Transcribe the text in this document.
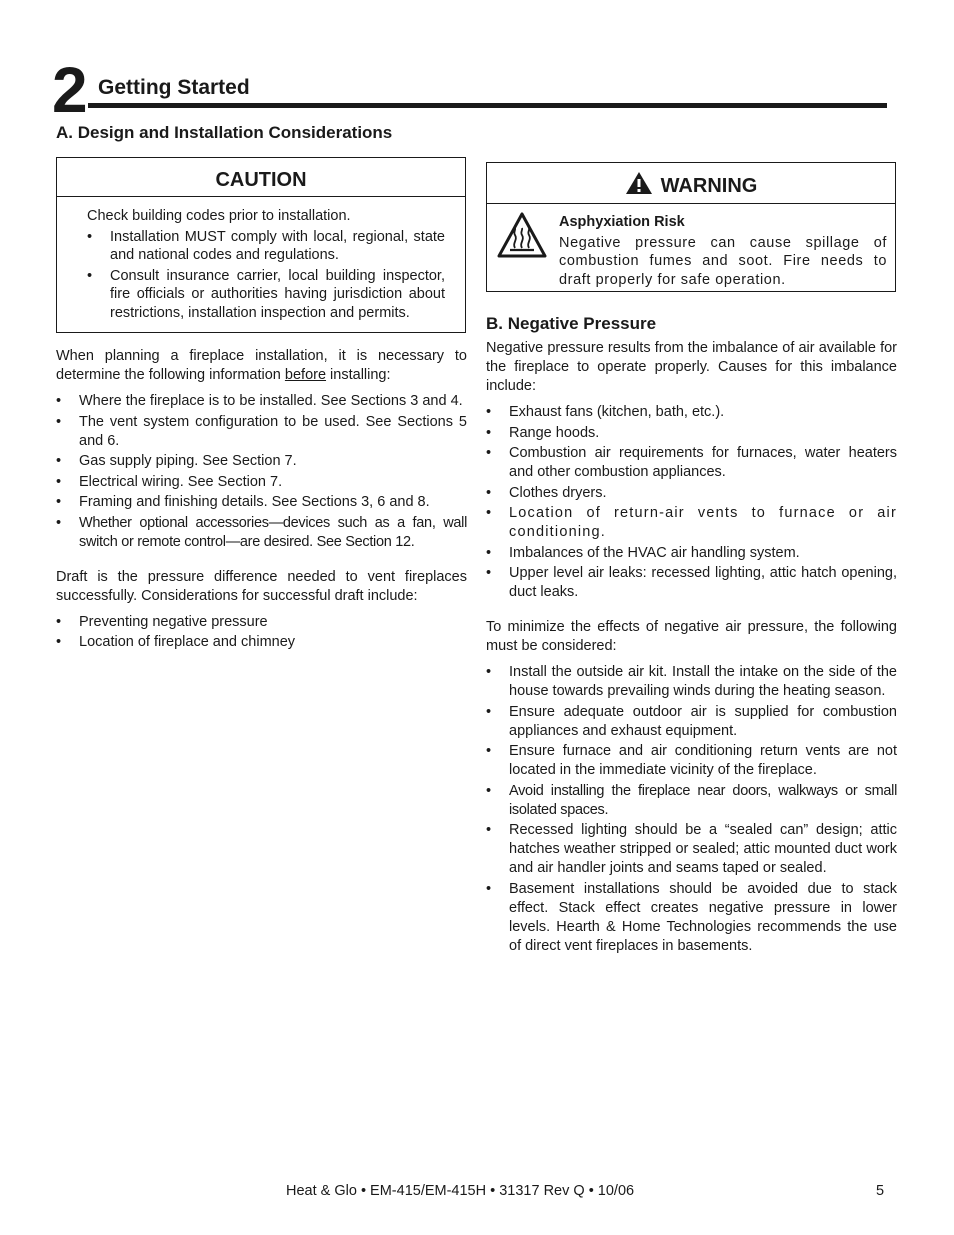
2 Getting Started
A. Design and Installation Considerations
CAUTION

Check building codes prior to installation.

• Installation MUST comply with local, regional, state and national codes and regulations.
• Consult insurance carrier, local building inspector, fire officials or authorities having jurisdiction about restrictions, installation inspection and permits.
WARNING
Asphyxiation Risk
Negative pressure can cause spillage of combustion fumes and soot. Fire needs to draft properly for safe operation.

When planning a fireplace installation, it is necessary to determine the following information before installing:

• Where the fireplace is to be installed. See Sections 3 and 4.
• The vent system configuration to be used. See Sections 5 and 6.
• Gas supply piping. See Section 7.
• Electrical wiring. See Section 7.
• Framing and finishing details. See Sections 3, 6 and 8.
• Whether optional accessories—devices such as a fan, wall switch or remote control—are desired. See Section 12.

Draft is the pressure difference needed to vent fireplaces successfully. Considerations for successful draft include:

• Preventing negative pressure
• Location of fireplace and chimney
B. Negative Pressure

Negative pressure results from the imbalance of air available for the fireplace to operate properly. Causes for this imbalance include:

• Exhaust fans (kitchen, bath, etc.).
• Range hoods.
• Combustion air requirements for furnaces, water heaters and other combustion appliances.
• Clothes dryers.
• Location of return-air vents to furnace or air conditioning.
• Imbalances of the HVAC air handling system.
• Upper level air leaks: recessed lighting, attic hatch opening, duct leaks.

To minimize the effects of negative air pressure, the following must be considered:

• Install the outside air kit. Install the intake on the side of the house towards prevailing winds during the heating season.
• Ensure adequate outdoor air is supplied for combustion appliances and exhaust equipment.
• Ensure furnace and air conditioning return vents are not located in the immediate vicinity of the fireplace.
• Avoid installing the fireplace near doors, walkways or small isolated spaces.
• Recessed lighting should be a “sealed can” design; attic hatches weather stripped or sealed; attic mounted duct work and air handler joints and seams taped or sealed.
• Basement installations should be avoided due to stack effect. Stack effect creates negative pressure in lower levels. Hearth & Home Technologies recommends the use of direct vent fireplaces in basements.
Heat & Glo • EM-415/EM-415H • 31317 Rev Q • 10/06	5
